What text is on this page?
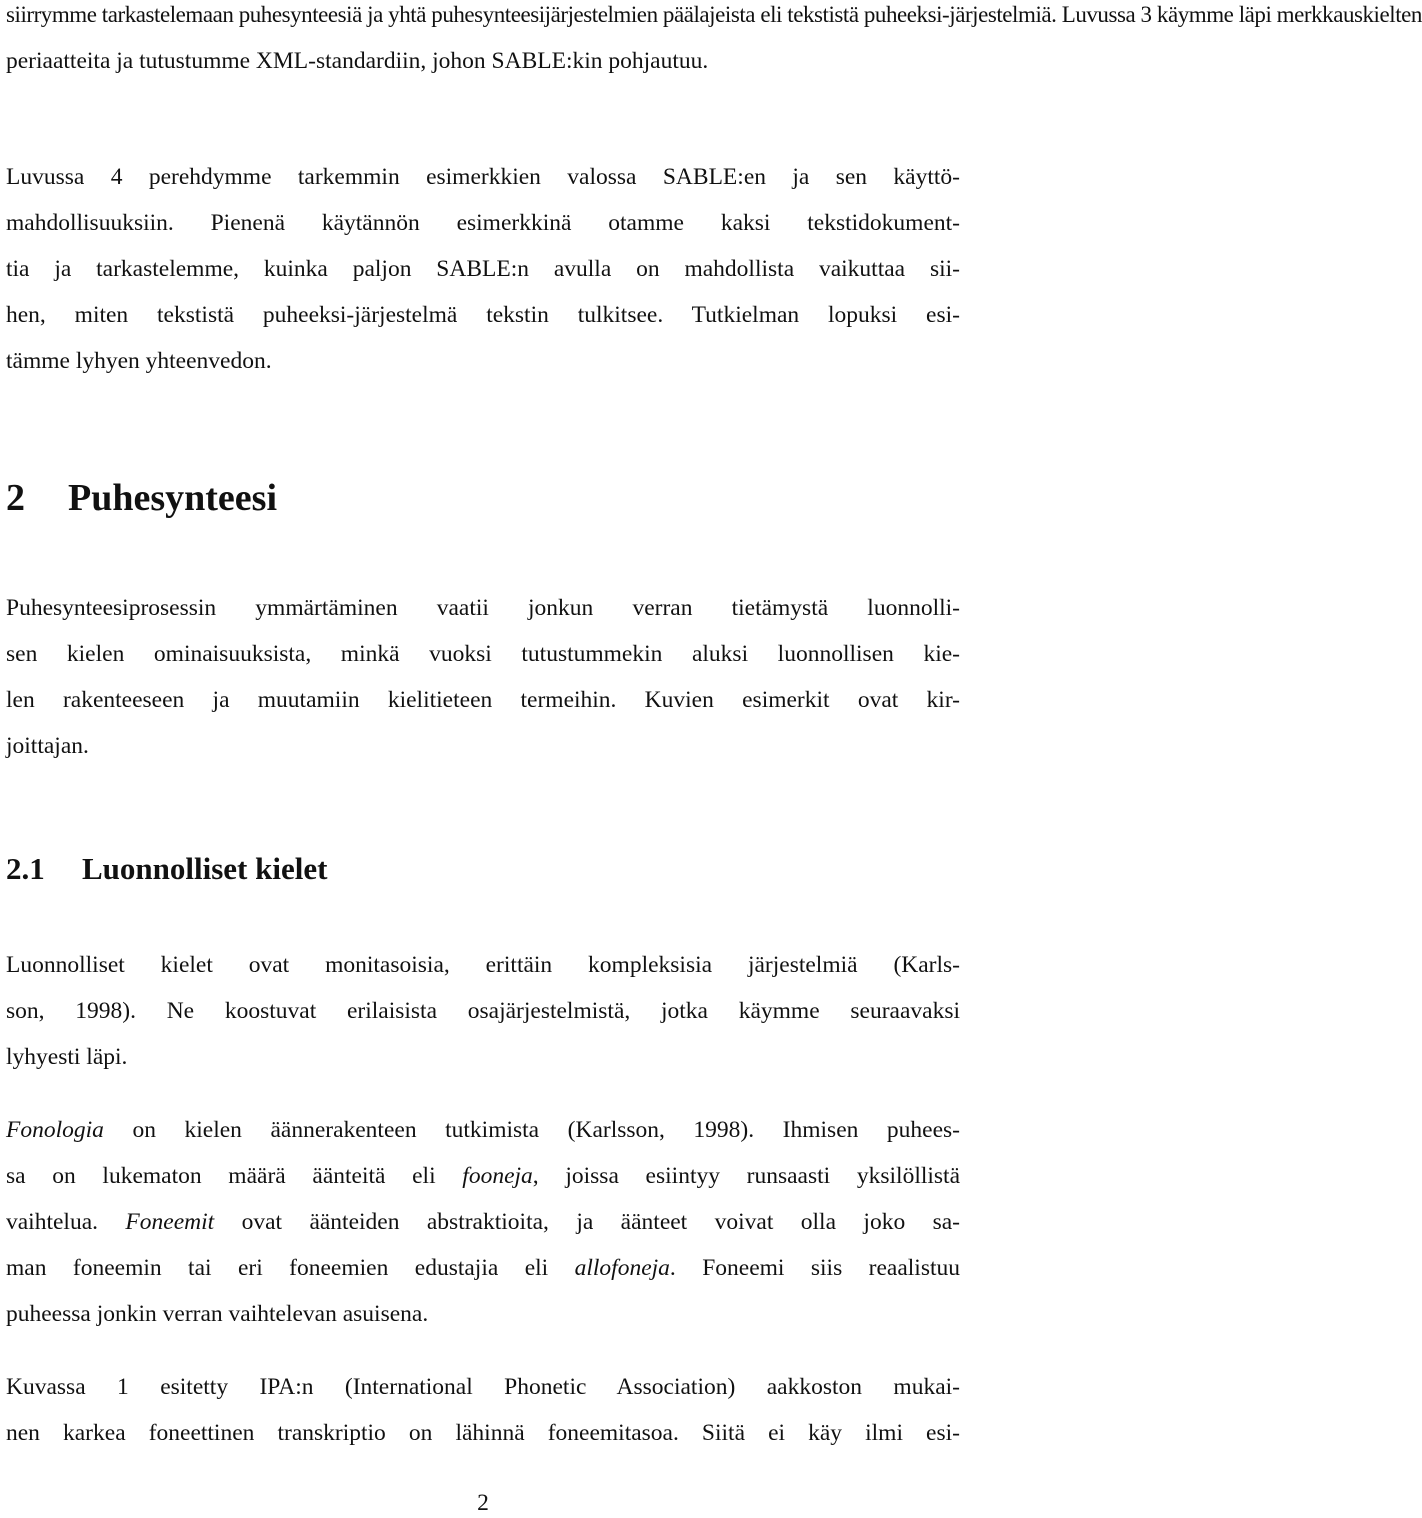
siirrymme tarkastelemaan puhesynteesiä ja yhtä puhesynteesijärjestelmien päälajeista eli tekstistä puheeksi-järjestelmiä. Luvussa 3 käymme läpi merkkauskielten
periaatteita ja tutustumme XML-standardiin, johon SABLE:kin pohjautuu.
Luvussa 4 perehdymme tarkemmin esimerkkien valossa SABLE:en ja sen käyttö-
mahdollisuuksiin. Pienenä käytännön esimerkkinä otamme kaksi tekstidokument-
tia ja tarkastelemme, kuinka paljon SABLE:n avulla on mahdollista vaikuttaa sii-
hen, miten tekstistä puheeksi-järjestelmä tekstin tulkitsee. Tutkielman lopuksi esi-
tämme lyhyen yhteenvedon.
2 Puhesynteesi
Puhesynteesiprosessin ymmärtäminen vaatii jonkun verran tietämystä luonnolli-
sen kielen ominaisuuksista, minkä vuoksi tutustummekin aluksi luonnollisen kie-
len rakenteeseen ja muutamiin kielitieteen termeihin. Kuvien esimerkit ovat kir-
joittajan.
2.1 Luonnolliset kielet
Luonnolliset kielet ovat monitasoisia, erittäin kompleksisia järjestelmiä (Karls-
son, 1998). Ne koostuvat erilaisista osajärjestelmistä, jotka käymme seuraavaksi
lyhyesti läpi.
Fonologia on kielen äännerakenteen tutkimista (Karlsson, 1998). Ihmisen puhees-
sa on lukematon määrä äänteitä eli fooneja, joissa esiintyy runsaasti yksilöllistä
vaihtelua. Foneemit ovat äänteiden abstraktioita, ja äänteet voivat olla joko sa-
man foneemin tai eri foneemien edustajia eli allofoneja. Foneemi siis reaalistuu
puheessa jonkin verran vaihtelevan asuisena.
Kuvassa 1 esitetty IPA:n (International Phonetic Association) aakkoston mukai-
nen karkea foneettinen transkriptio on lähinnä foneemitasoa. Siitä ei käy ilmi esi-
2
